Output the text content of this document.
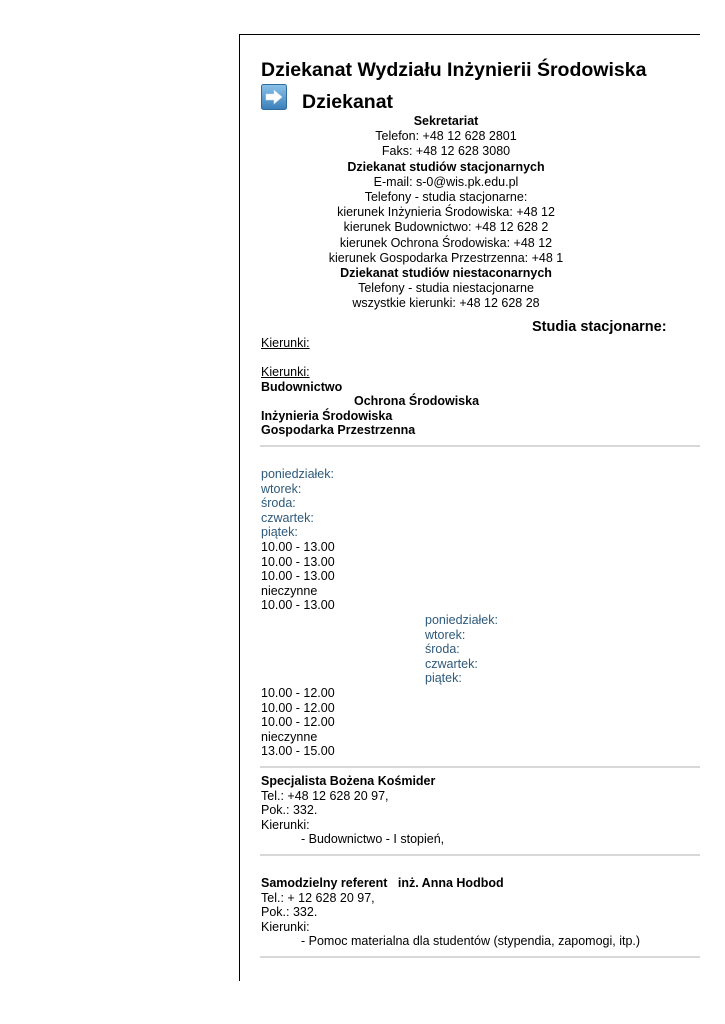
Dziekanat Wydziału Inżynierii Środowiska
Dziekanat
Sekretariat
Telefon: +48 12 628 2801
Faks: +48 12 628 3080
Dziekanat studiów stacjonarnych
E-mail: s-0@wis.pk.edu.pl
Telefony - studia stacjonarne:
kierunek Inżynieria Środowiska: +48 12
kierunek Budownictwo: +48 12 628 2
kierunek Ochrona Środowiska: +48 12
kierunek Gospodarka Przestrzenna: +48 1
Dziekanat studiów niestaconarnych
Telefony - studia niestacjonarne
wszystkie kierunki: +48 12 628 28
Studia stacjonarne:
Kierunki:
Kierunki:
Budownictwo
Ochrona Środowiska
Inżynieria Środowiska
Gospodarka Przestrzenna
poniedziałek:
wtorek:
środa:
czwartek:
piątek:
10.00 - 13.00
10.00 - 13.00
10.00 - 13.00
nieczynne
10.00 - 13.00
poniedziałek:
wtorek:
środa:
czwartek:
piątek:
10.00 - 12.00
10.00 - 12.00
10.00 - 12.00
nieczynne
13.00 - 15.00
Specjalista Bożena Kośmider
Tel.: +48 12 628 20 97,
Pok.: 332.
Kierunki:
- Budownictwo - I stopień,
Samodzielny referent   inż. Anna Hodbod
Tel.: + 12 628 20 97,
Pok.: 332.
Kierunki:
- Pomoc materialna dla studentów (stypendia, zapomogi, itp.)
